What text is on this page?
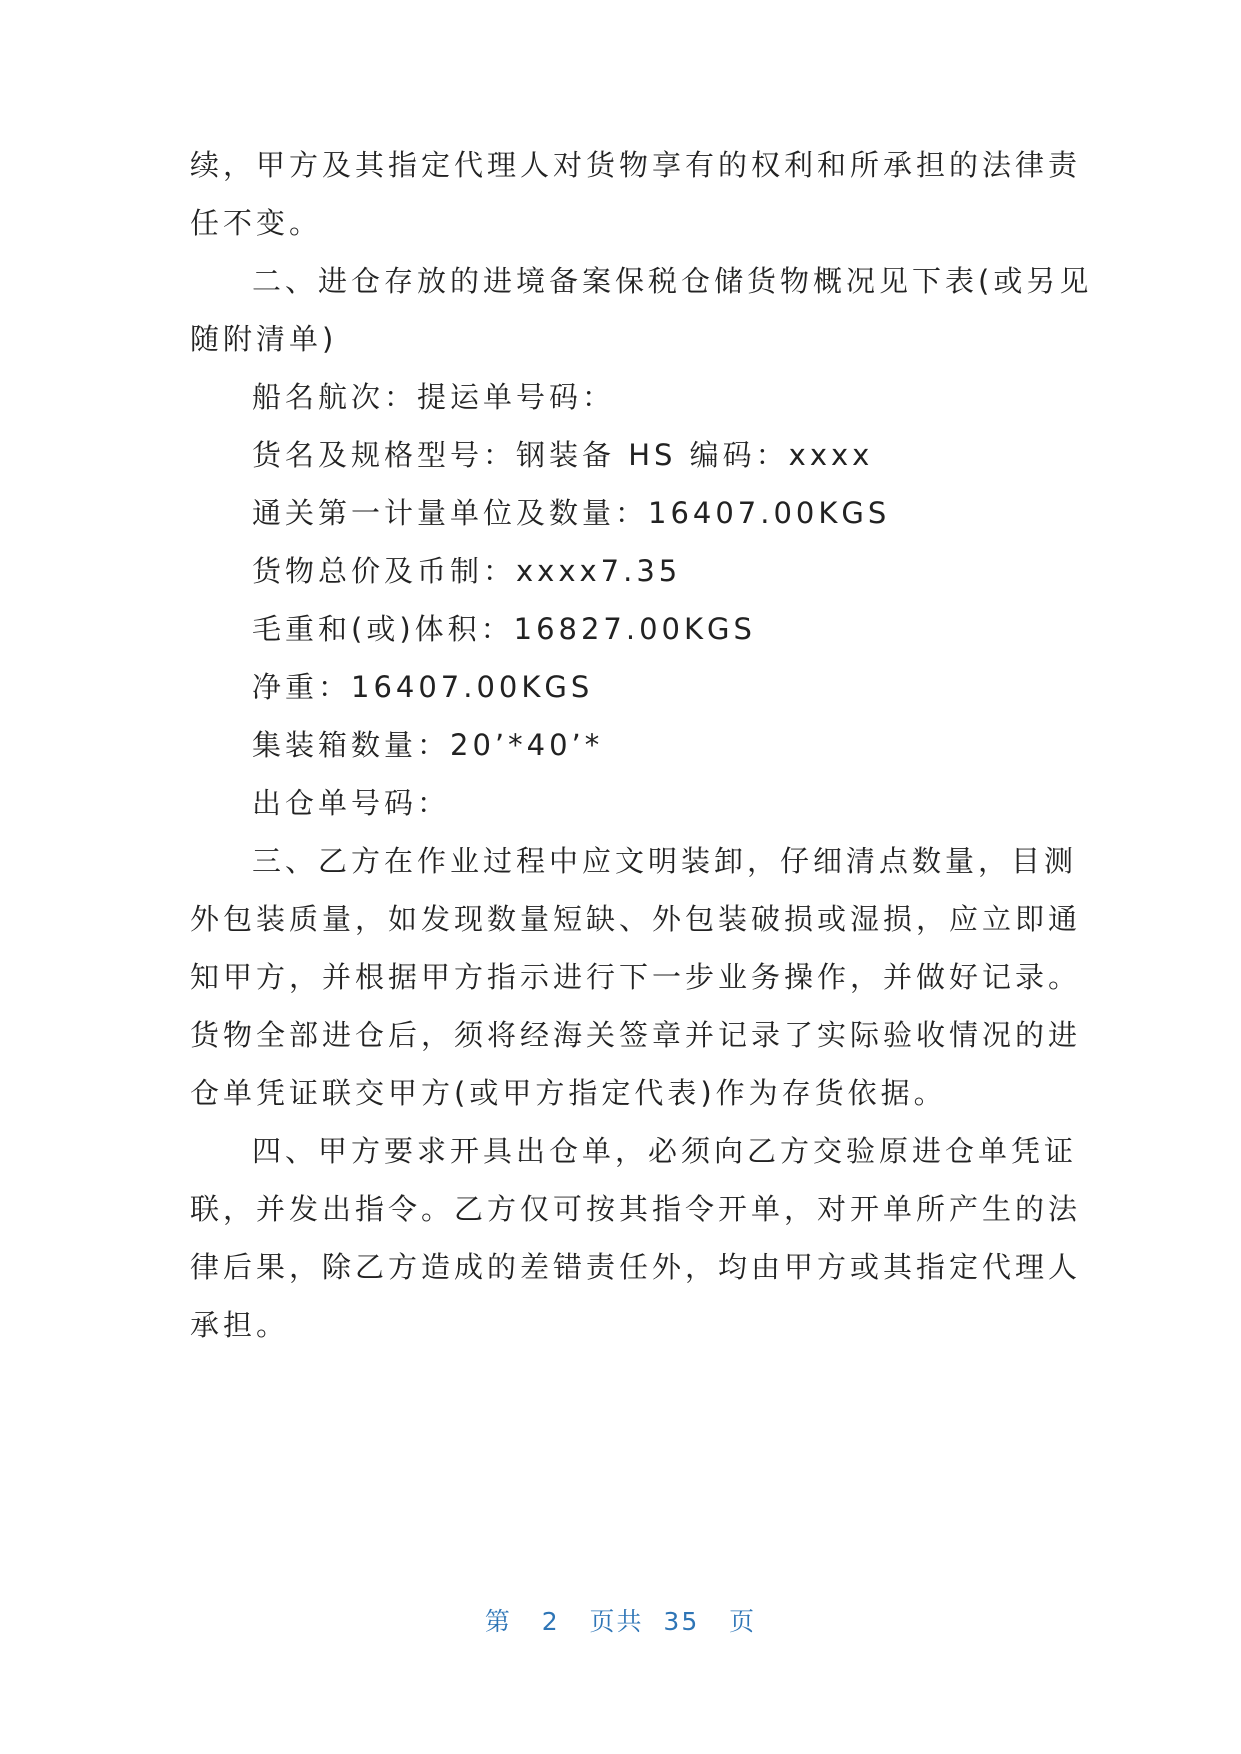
续，甲方及其指定代理人对货物享有的权利和所承担的法律责
任不变。
二、进仓存放的进境备案保税仓储货物概况见下表(或另见
随附清单)
船名航次：提运单号码：
货名及规格型号：钢装备 HS 编码：xxxx
通关第一计量单位及数量：16407.00KGS
货物总价及币制：xxxx7.35
毛重和(或)体积：16827.00KGS
净重：16407.00KGS
集装箱数量：20’*40’*
出仓单号码：
三、乙方在作业过程中应文明装卸，仔细清点数量，目测
外包装质量，如发现数量短缺、外包装破损或湿损，应立即通
知甲方，并根据甲方指示进行下一步业务操作，并做好记录。
货物全部进仓后，须将经海关签章并记录了实际验收情况的进
仓单凭证联交甲方(或甲方指定代表)作为存货依据。
四、甲方要求开具出仓单，必须向乙方交验原进仓单凭证
联，并发出指令。乙方仅可按其指令开单，对开单所产生的法
律后果，除乙方造成的差错责任外，均由甲方或其指定代理人
承担。
第 2 页共 35 页
